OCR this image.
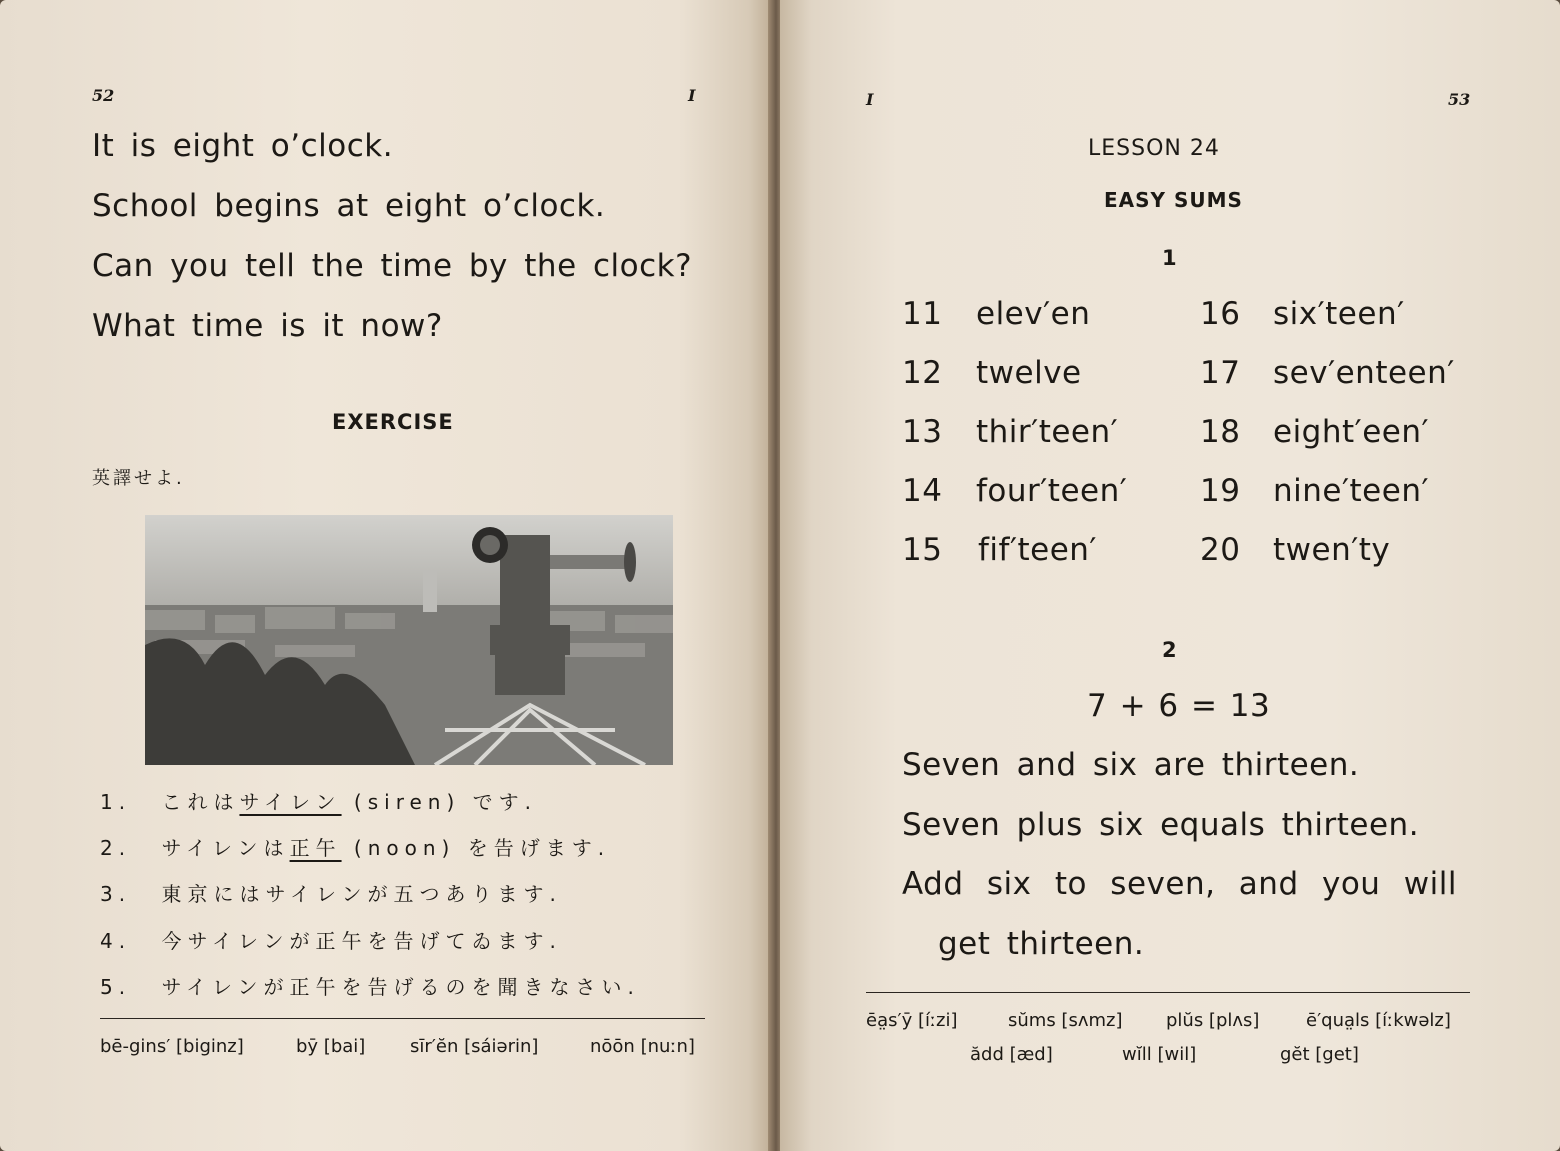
52	I
It is eight o’clock.
School begins at eight o’clock.
Can you tell the time by the clock?
What time is it now?
EXERCISE
英譯せよ.
1. これはサイレン (siren) です.
2. サイレンは正午 (noon) を告げます.
3. 東京にはサイレンが五つあります.
4. 今サイレンが正午を告げてゐます.
5. サイレンが正午を告げるのを聞きなさい.
bē-gins′ [biginz]	bȳ [bai] sīr′ĕn [sáiərin]	nōōn [nuːn]
I	53
LESSON 24
EASY SUMS
1
11 elev′en	16 six′teen′
12 twelve	17 sev′enteen′
13 thir′teen′	18 eight′een′
14 four′teen′ 19 nine′teen′
15 fif′teen′	20 twen′ty
2
7 + 6 = 13
Seven and six are thirteen.
Seven plus six equals thirteen.
Add six to seven, and you will
get thirteen.
ēa̤s′ȳ [íːzi]	sŭms [sʌmz] plŭs [plʌs]	ē′qua̤ls [íːkwəlz]
ădd [æd]	wĭll [wil]	gĕt [get]
